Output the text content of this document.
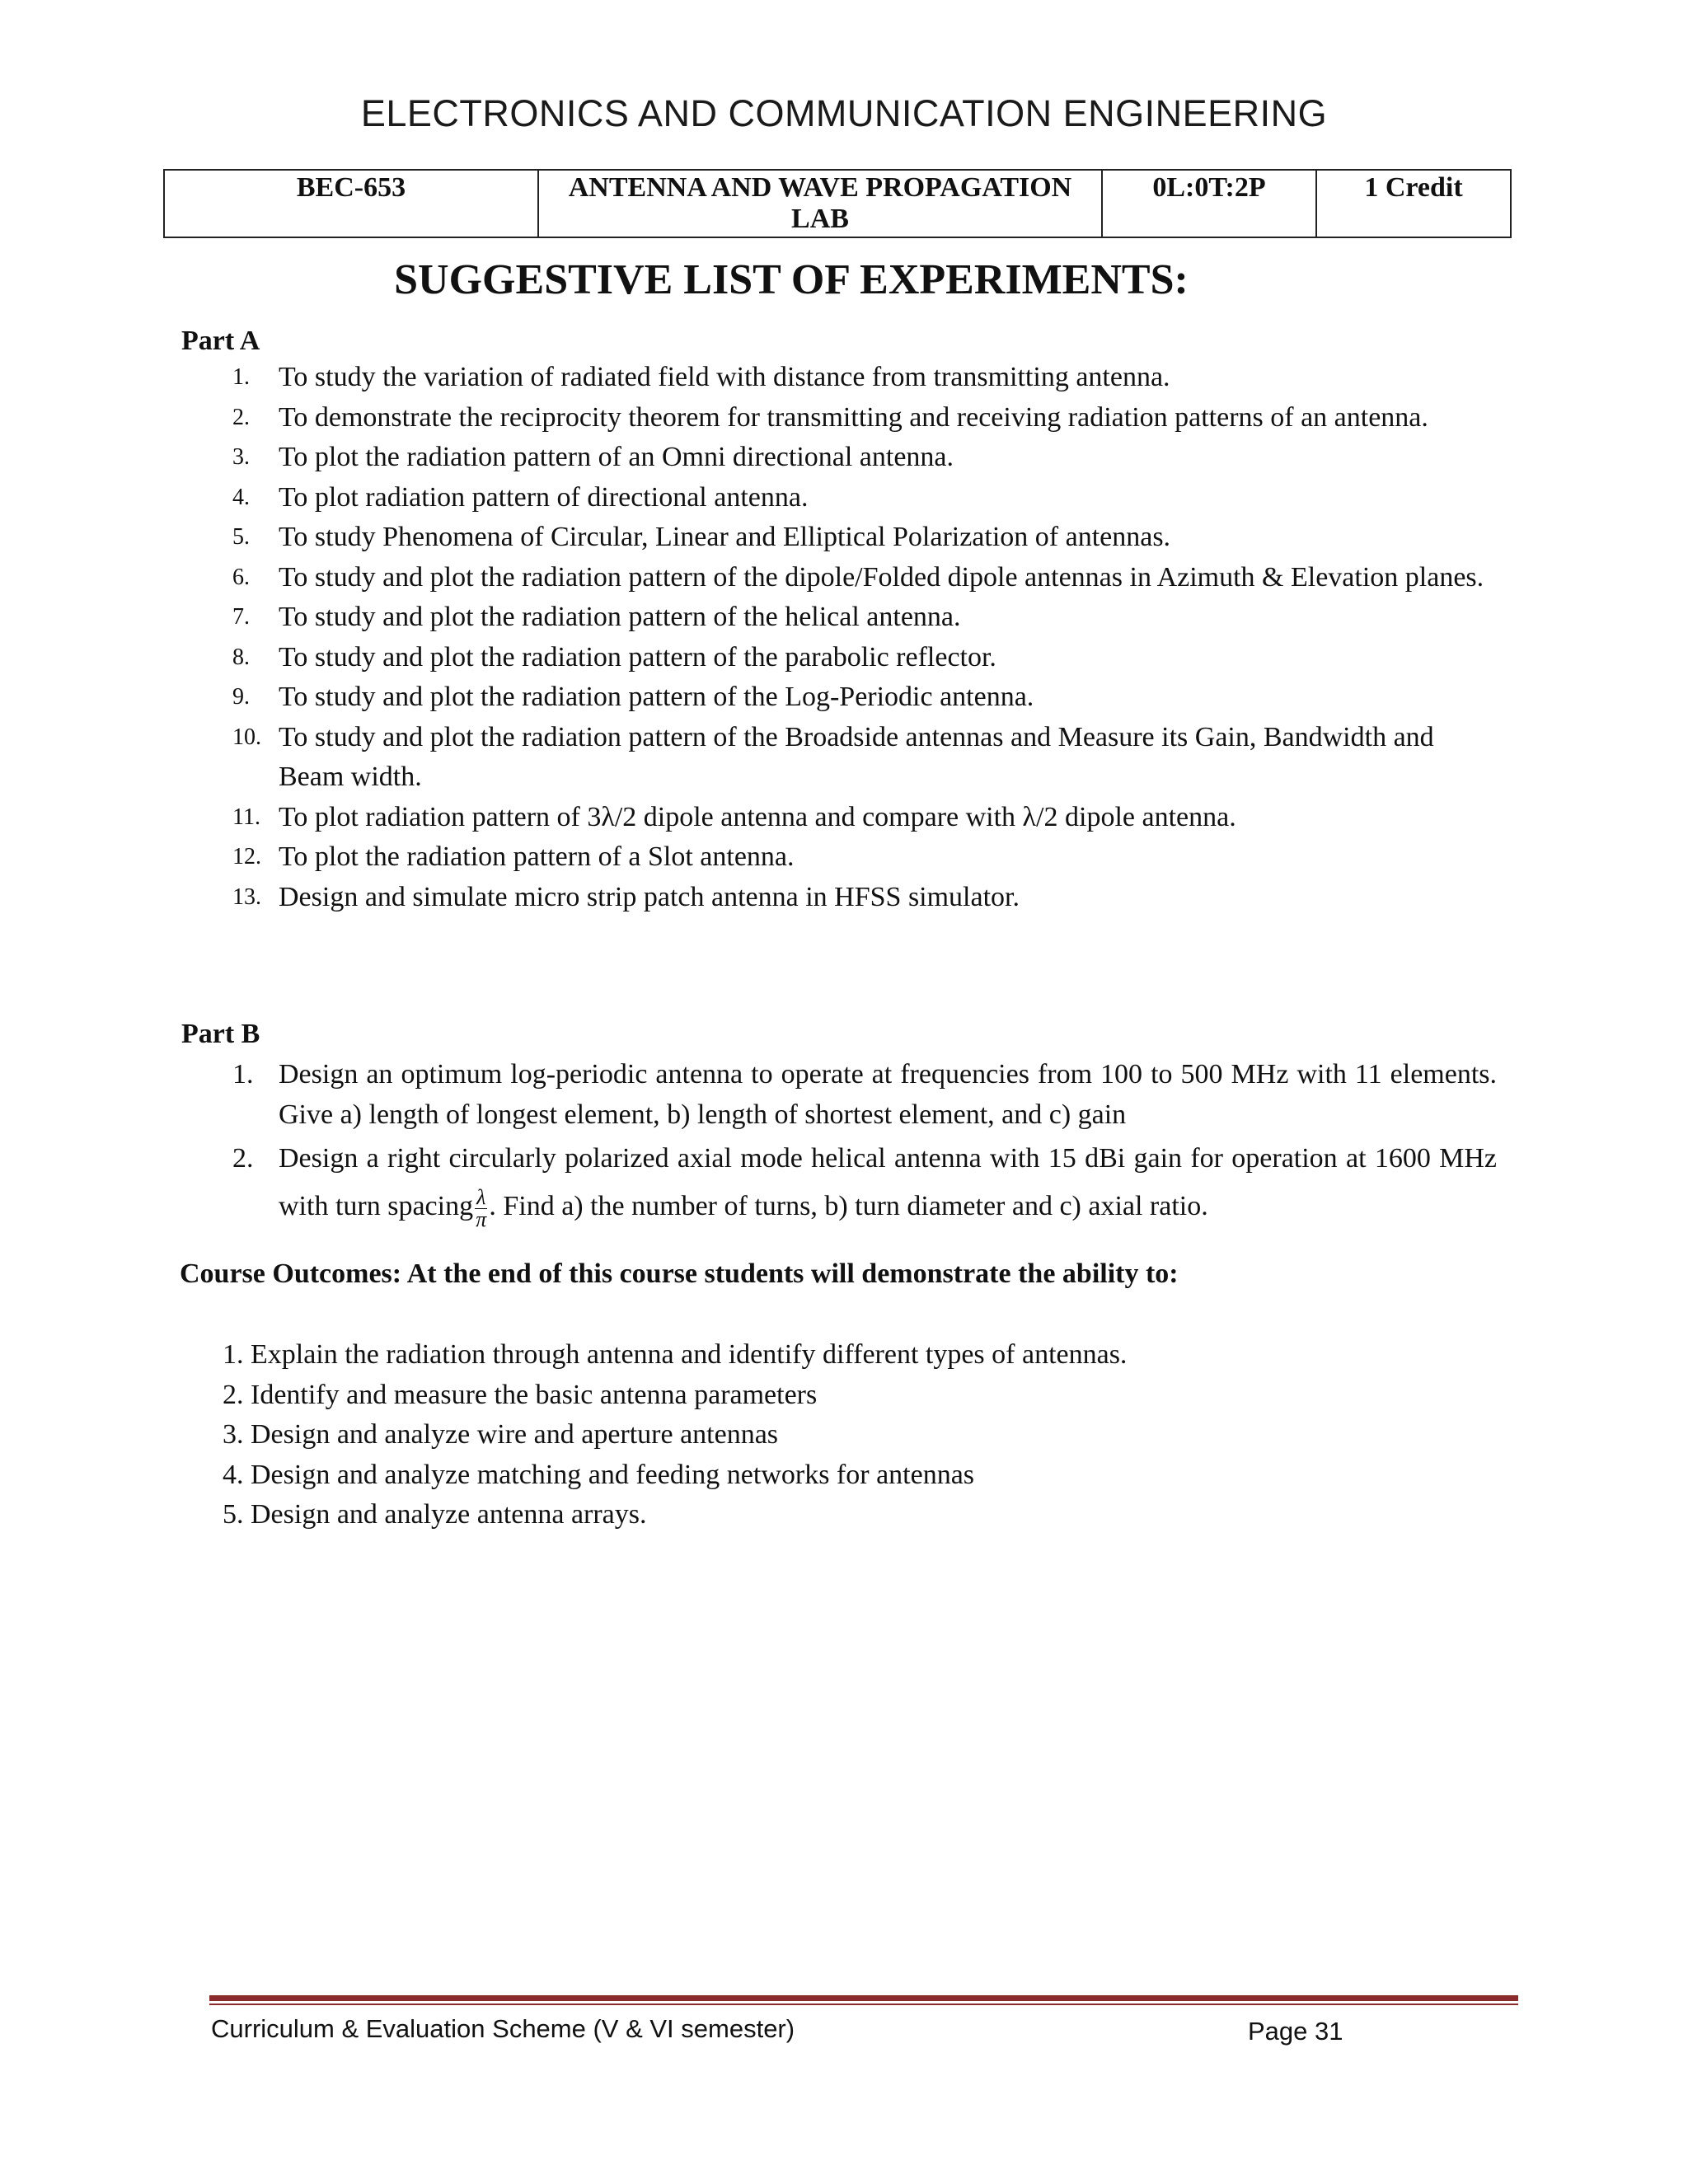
ELECTRONICS AND COMMUNICATION ENGINEERING
BEC-653	ANTENNA AND WAVE PROPAGATION LAB	0L:0T:2P	1 Credit
SUGGESTIVE LIST OF EXPERIMENTS:
Part A
1. To study the variation of radiated field with distance from transmitting antenna.
2. To demonstrate the reciprocity theorem for transmitting and receiving radiation patterns of an antenna.
3. To plot the radiation pattern of an Omni directional antenna.
4. To plot radiation pattern of directional antenna.
5. To study Phenomena of Circular, Linear and Elliptical Polarization of antennas.
6. To study and plot the radiation pattern of the dipole/Folded dipole antennas in Azimuth & Elevation planes.
7. To study and plot the radiation pattern of the helical antenna.
8. To study and plot the radiation pattern of the parabolic reflector.
9. To study and plot the radiation pattern of the Log-Periodic antenna.
10. To study and plot the radiation pattern of the Broadside antennas and Measure its Gain, Bandwidth and Beam width.
11. To plot radiation pattern of 3λ/2 dipole antenna and compare with λ/2 dipole antenna.
12. To plot the radiation pattern of a Slot antenna.
13. Design and simulate micro strip patch antenna in HFSS simulator.
Part B
1. Design an optimum log-periodic antenna to operate at frequencies from 100 to 500 MHz with 11 elements. Give a) length of longest element, b) length of shortest element, and c) gain
2. Design a right circularly polarized axial mode helical antenna with 15 dBi gain for operation at 1600 MHz with turn spacing $\frac{\lambda}{\pi}$ . Find a) the number of turns, b) turn diameter and c) axial ratio.
Course Outcomes: At the end of this course students will demonstrate the ability to:
1. Explain the radiation through antenna and identify different types of antennas.
2. Identify and measure the basic antenna parameters
3. Design and analyze wire and aperture antennas
4. Design and analyze matching and feeding networks for antennas
5. Design and analyze antenna arrays.
Curriculum & Evaluation Scheme (V & VI semester)	Page 31
